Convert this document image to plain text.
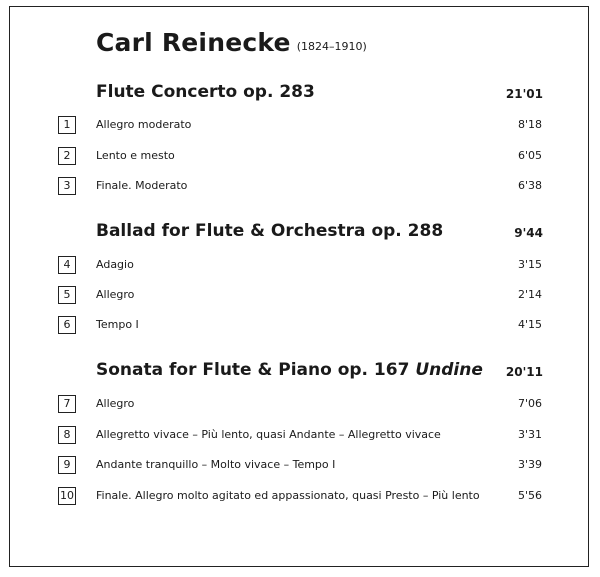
Carl Reinecke (1824–1910)
Flute Concerto op. 283	21'01
1	Allegro moderato	8'18
2	Lento e mesto	6'05
3	Finale. Moderato	6'38
Ballad for Flute & Orchestra op. 288	9'44
4	Adagio	3'15
5	Allegro	2'14
6	Tempo I	4'15
Sonata for Flute & Piano op. 167 Undine 20'11
7	Allegro	7'06
8	Allegretto vivace – Più lento, quasi Andante – Allegretto vivace	3'31
9	Andante tranquillo – Molto vivace – Tempo I	3'39
10 Finale. Allegro molto agitato ed appassionato, quasi Presto – Più lento	5'56
